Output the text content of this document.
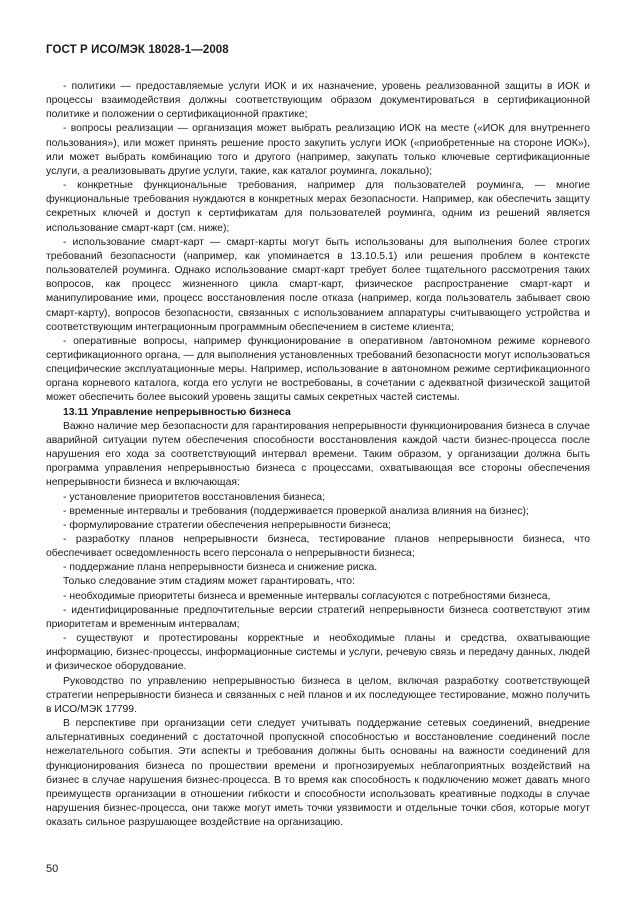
ГОСТ Р ИСО/МЭК 18028-1—2008

- политики — предоставляемые услуги ИОК и их назначение, уровень реализованной защиты в ИОК и процессы взаимодействия должны соответствующим образом документироваться в сертификационной политике и положении о сертификационной практике;

- вопросы реализации — организация может выбрать реализацию ИОК на месте («ИОК для внутреннего пользования»), или может принять решение просто закупить услуги ИОК («приобретенные на стороне ИОК»), или может выбрать комбинацию того и другого (например, закупать только ключевые сертификационные услуги, а реализовывать другие услуги, такие, как каталог роуминга, локально);

- конкретные функциональные требования, например для пользователей роуминга, — многие функциональные требования нуждаются в конкретных мерах безопасности. Например, как обеспечить защиту секретных ключей и доступ к сертификатам для пользователей роуминга, одним из решений является использование смарт-карт (см. ниже);

- использование смарт-карт — смарт-карты могут быть использованы для выполнения более строгих требований безопасности (например, как упоминается в 13.10.5.1) или решения проблем в контексте пользователей роуминга. Однако использование смарт-карт требует более тщательного рассмотрения таких вопросов, как процесс жизненного цикла смарт-карт, физическое распространение смарт-карт и манипулирование ими, процесс восстановления после отказа (например, когда пользователь забывает свою смарт-карту), вопросов безопасности, связанных с использованием аппаратуры считывающего устройства и соответствующим интеграционным программным обеспечением в системе клиента;

- оперативные вопросы, например функционирование в оперативном /автономном режиме корневого сертификационного органа, — для выполнения установленных требований безопасности могут использоваться специфические эксплуатационные меры. Например, использование в автономном режиме сертификационного органа корневого каталога, когда его услуги не востребованы, в сочетании с адекватной физической защитой может обеспечить более высокий уровень защиты самых секретных частей системы.

13.11 Управление непрерывностью бизнеса

Важно наличие мер безопасности для гарантирования непрерывности функционирования бизнеса в случае аварийной ситуации путем обеспечения способности восстановления каждой части бизнес-процесса после нарушения его хода за соответствующий интервал времени. Таким образом, у организации должна быть программа управления непрерывностью бизнеса с процессами, охватывающая все стороны обеспечения непрерывности бизнеса и включающая:

- установление приоритетов восстановления бизнеса;

- временные интервалы и требования (поддерживается проверкой анализа влияния на бизнес);

- формулирование стратегии обеспечения непрерывности бизнеса;

- разработку планов непрерывности бизнеса, тестирование планов непрерывности бизнеса, что обеспечивает осведомленность всего персонала о непрерывности бизнеса;

- поддержание плана непрерывности бизнеса и снижение риска.

Только следование этим стадиям может гарантировать, что:

- необходимые приоритеты бизнеса и временные интервалы согласуются с потребностями бизнеса,

- идентифицированные предпочтительные версии стратегий непрерывности бизнеса соответствуют этим приоритетам и временным интервалам;

- существуют и протестированы корректные и необходимые планы и средства, охватывающие информацию, бизнес-процессы, информационные системы и услуги, речевую связь и передачу данных, людей и физическое оборудование.

Руководство по управлению непрерывностью бизнеса в целом, включая разработку соответствующей стратегии непрерывности бизнеса и связанных с ней планов и их последующее тестирование, можно получить в ИСО/МЭК 17799.

В перспективе при организации сети следует учитывать поддержание сетевых соединений, внедрение альтернативных соединений с достаточной пропускной способностью и восстановление соединений после нежелательного события. Эти аспекты и требования должны быть основаны на важности соединений для функционирования бизнеса по прошествии времени и прогнозируемых неблагоприятных воздействий на бизнес в случае нарушения бизнес-процесса. В то время как способность к подключению может давать много преимуществ организации в отношении гибкости и способности использовать креативные подходы в случае нарушения бизнес-процесса, они также могут иметь точки уязвимости и отдельные точки сбоя, которые могут оказать сильное разрушающее воздействие на организацию.

50
